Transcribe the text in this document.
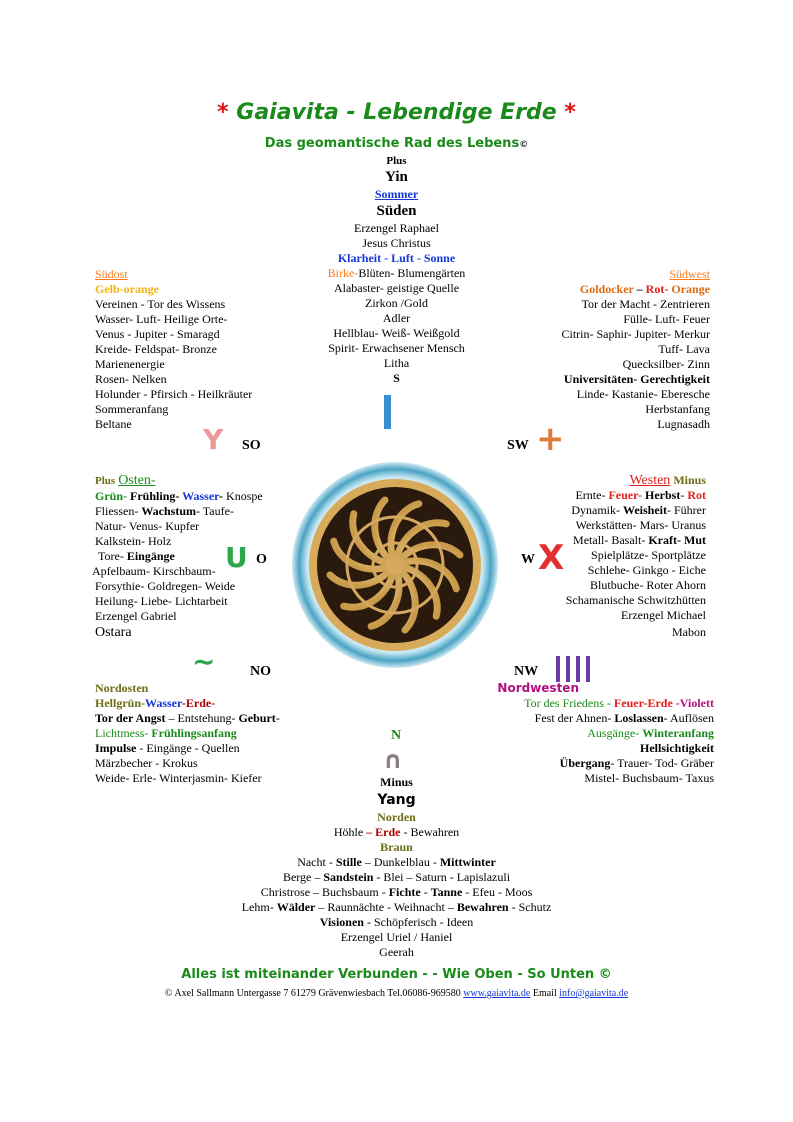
* Gaiavita - Lebendige Erde *
Das geomantische Rad des Lebens©
Plus
Yin
Sommer
Süden
Erzengel Raphael
Jesus Christus
Klarheit - Luft - Sonne
Birke-Blüten- Blumengärten
Alabaster- geistige Quelle
Zirkon /Gold
Adler
Hellblau- Weiß- Weißgold
Spirit- Erwachsener Mensch
Litha
S
Südost
Gelb-orange
Vereinen - Tor des Wissens
Wasser- Luft- Heilige Orte-
Venus - Jupiter - Smaragd
Kreide- Feldspat- Bronze
Marienenergie
Rosen- Nelken
Holunder - Pfirsich - Heilkräuter
Sommeranfang
Beltane
Südwest
Goldocker – Rot- Orange
Tor der Macht - Zentrieren
Fülle- Luft- Feuer
Citrin- Saphir- Jupiter- Merkur
Tuff- Lava
Quecksilber- Zinn
Universitäten- Gerechtigkeit
Linde- Kastanie- Eberesche
Herbstanfang
Lugnasadh
Y SO	SW +
Plus Osten-
Grün- Frühling- Wasser- Knospe
Fliessen- Wachstum- Taufe-
Natur- Venus- Kupfer
Kalkstein- Holz
Tore- Eingänge
Apfelbaum- Kirschbaum-
Forsythie- Goldregen- Weide
Heilung- Liebe- Lichtarbeit
Erzengel Gabriel
Ostara
U O
Westen Minus
Ernte- Feuer- Herbst- Rot
Dynamik- Weisheit- Führer
Werkstätten- Mars- Uranus
Metall- Basalt- Kraft- Mut
Spielplätze- Sportplätze
Schlehe- Ginkgo - Eiche
Blutbuche- Roter Ahorn
Schamanische Schwitzhütten
Erzengel Michael
Mabon
W X
∼ NO	NW
Nordosten
Hellgrün-Wasser-Erde-
Tor der Angst – Entstehung- Geburt-
Lichtmess- Frühlingsanfang
Impulse - Eingänge - Quellen
Märzbecher - Krokus
Weide- Erle- Winterjasmin- Kiefer
Nordwesten
Tor des Friedens - Feuer-Erde -Violett
Fest der Ahnen- Loslassen- Auflösen
Ausgänge- Winteranfang
Hellsichtigkeit
Übergang- Trauer- Tod- Gräber
Mistel- Buchsbaum- Taxus
N
∩
Minus
Yang
Norden
Höhle – Erde - Bewahren
Braun
Nacht - Stille – Dunkelblau - Mittwinter
Berge – Sandstein - Blei – Saturn - Lapislazuli
Christrose – Buchsbaum - Fichte - Tanne - Efeu - Moos
Lehm- Wälder – Raunnächte - Weihnacht – Bewahren - Schutz
Visionen - Schöpferisch - Ideen
Erzengel Uriel / Haniel
Geerah
Alles ist miteinander Verbunden - - Wie Oben - So Unten ©
© Axel Sallmann Untergasse 7 61279 Grävenwiesbach Tel.06086-969580 www.gaiavita.de Email info@gaiavita.de
